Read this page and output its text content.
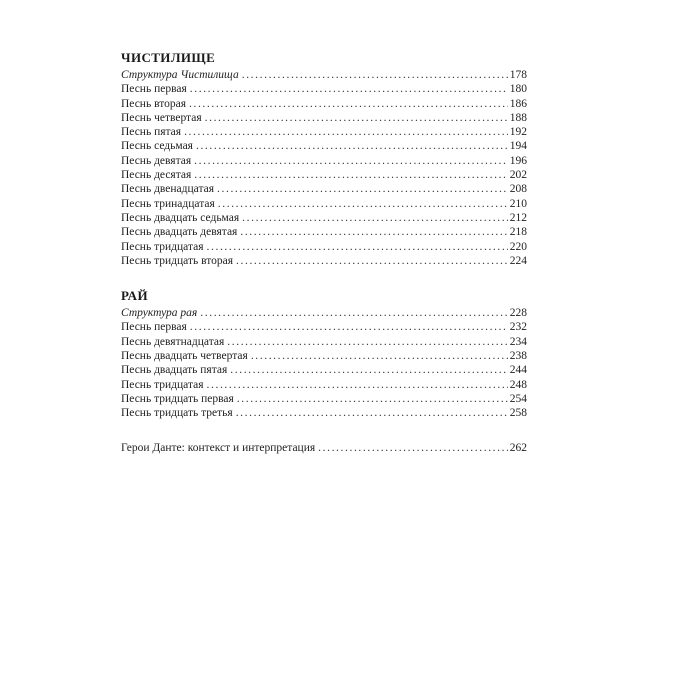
ЧИСТИЛИЩЕ
Структура Чистилища .....	178
Песнь первая .....	180
Песнь вторая .....	186
Песнь четвертая .....	188
Песнь пятая .....	192
Песнь седьмая .....	194
Песнь девятая .....	196
Песнь десятая .....	202
Песнь двенадцатая .....	208
Песнь тринадцатая .....	210
Песнь двадцать седьмая .....	212
Песнь двадцать девятая .....	218
Песнь тридцатая .....	220
Песнь тридцать вторая .....	224
РАЙ
Структура рая .....	228
Песнь первая .....	232
Песнь девятнадцатая .....	234
Песнь двадцать четвертая .....	238
Песнь двадцать пятая .....	244
Песнь тридцатая .....	248
Песнь тридцать первая .....	254
Песнь тридцать третья .....	258
Герои Данте: контекст и интерпретация .....	262
